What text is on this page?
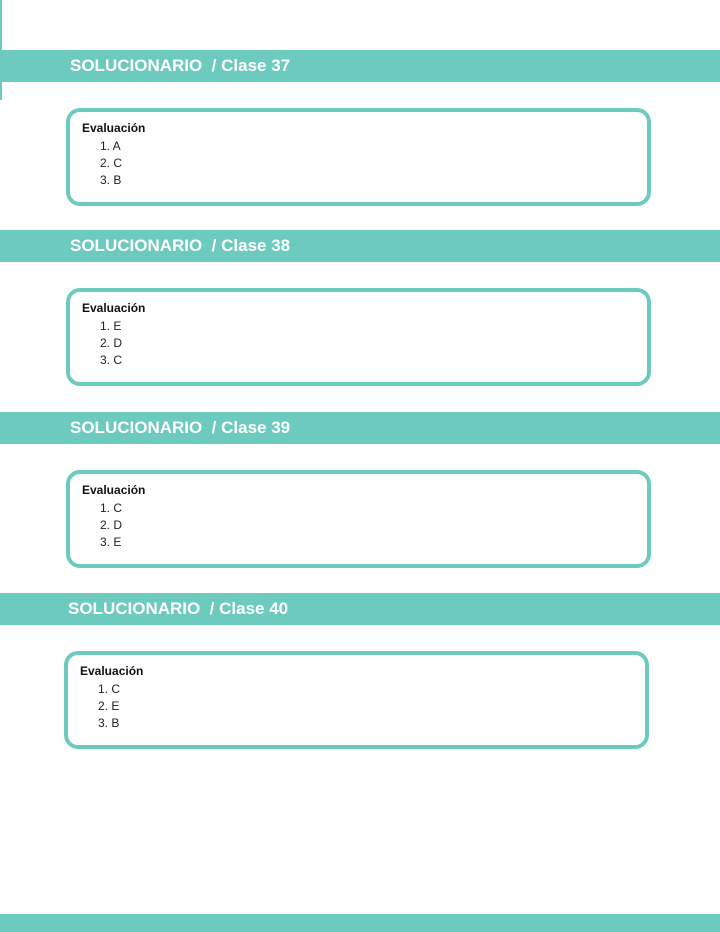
SOLUCIONARIO  / Clase 37
Evaluación
1. A
2. C
3. B
SOLUCIONARIO  / Clase 38
Evaluación
1. E
2. D
3. C
SOLUCIONARIO  / Clase 39
Evaluación
1. C
2. D
3. E
SOLUCIONARIO  / Clase 40
Evaluación
1. C
2. E
3. B
